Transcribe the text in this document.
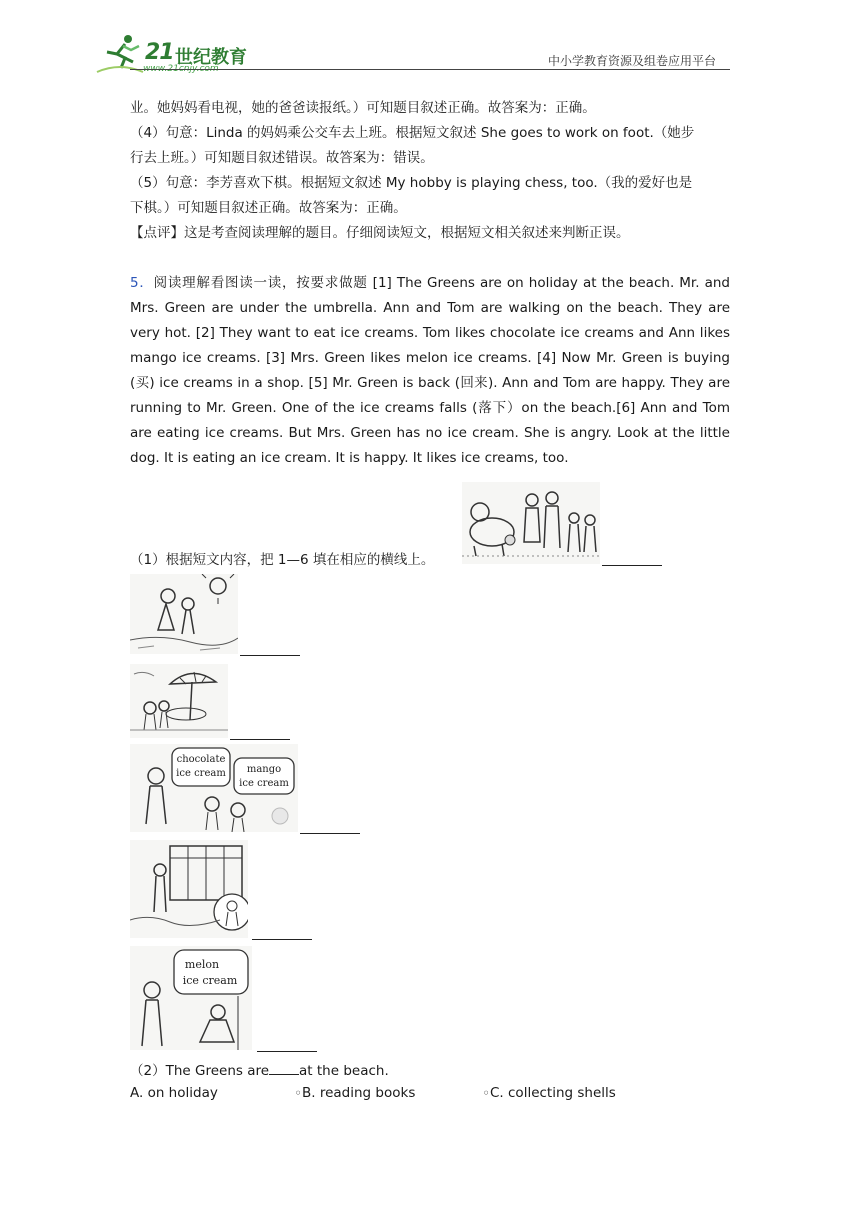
21 世纪教育
www.21cnjy.com
中小学教育资源及组卷应用平台

业。她妈妈看电视，她的爸爸读报纸。）可知题目叙述正确。故答案为：正确。

（4）句意：Linda 的妈妈乘公交车去上班。根据短文叙述 She goes to work on foot.（她步

行去上班。）可知题目叙述错误。故答案为：错误。

（5）句意：李芳喜欢下棋。根据短文叙述 My hobby is playing chess, too.（我的爱好也是

下棋。）可知题目叙述正确。故答案为：正确。

【点评】这是考查阅读理解的题目。仔细阅读短文，根据短文相关叙述来判断正误。

5．阅读理解看图读一读，按要求做题 [1] The Greens are on holiday at the beach. Mr. and Mrs. Green are under the umbrella. Ann and Tom are walking on the beach. They are very hot. [2] They want to eat ice creams. Tom likes chocolate ice creams and Ann likes mango ice creams. [3] Mrs. Green likes melon ice creams. [4] Now Mr. Green is buying (买) ice creams in a shop. [5] Mr. Green is back (回来). Ann and Tom are happy. They are running to Mr. Green. One of the ice creams falls (落下）on the beach.[6] Ann and Tom are eating ice creams. But Mrs. Green has no ice cream. She is angry. Look at the little dog. It is eating an ice cream. It is happy. It likes ice creams, too.

（1）根据短文内容，把 1—6 填在相应的横线上。
chocolate
ice cream mango
ice cream
melon
ice cream
（2）The Greens are at the beach.
A. on holiday	○ B. reading books	○ C. collecting shells
